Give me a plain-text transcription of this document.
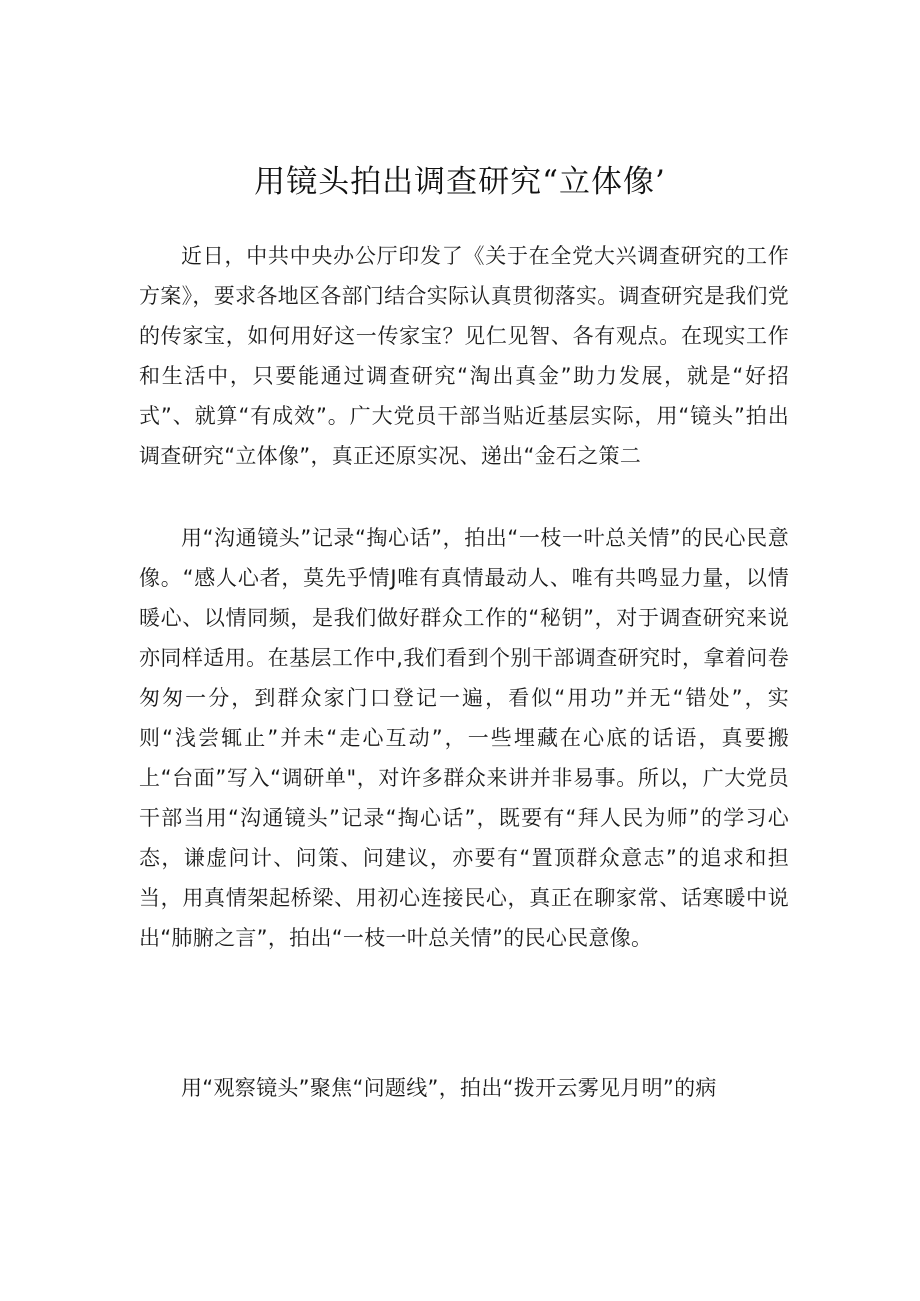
用镜头拍出调查研究“立体像’

近日，中共中央办公厅印发了《关于在全党大兴调查研究的工作方案》，要求各地区各部门结合实际认真贯彻落实。调查研究是我们党的传家宝，如何用好这一传家宝？见仁见智、各有观点。在现实工作和生活中，只要能通过调查研究“淘出真金”助力发展，就是“好招式”、就算“有成效”。广大党员干部当贴近基层实际，用“镜头”拍出调查研究“立体像”，真正还原实况、递出“金石之策二

用“沟通镜头”记录“掏心话”，拍出“一枝一叶总关情”的民心民意像。“感人心者，莫先乎情J唯有真情最动人、唯有共鸣显力量，以情暖心、以情同频，是我们做好群众工作的“秘钥”，对于调查研究来说亦同样适用。在基层工作中,我们看到个别干部调查研究时，拿着问卷匆匆一分，到群众家门口登记一遍，看似“用功”并无“错处”，实则“浅尝辄止”并未“走心互动”，一些埋藏在心底的话语，真要搬上“台面”写入“调研单"，对许多群众来讲并非易事。所以，广大党员干部当用“沟通镜头”记录“掏心话”，既要有“拜人民为师”的学习心态，谦虚问计、问策、问建议，亦要有“置顶群众意志”的追求和担当，用真情架起桥梁、用初心连接民心，真正在聊家常、话寒暖中说出“肺腑之言”，拍出“一枝一叶总关情”的民心民意像。

用“观察镜头”聚焦“问题线”，拍出“拨开云雾见月明”的病
